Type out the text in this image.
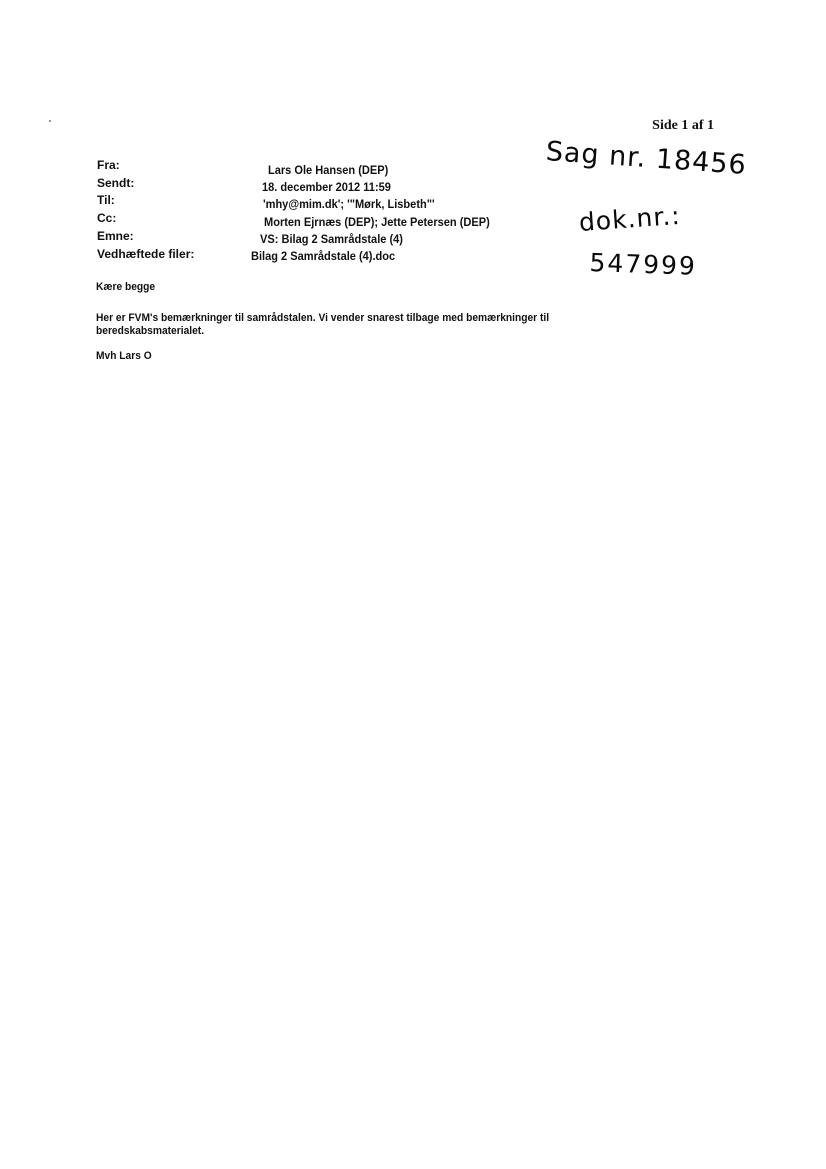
Side 1 af 1
Sag nr. 18456
dok.nr.:
547999
Fra:	Lars Ole Hansen (DEP)
Sendt:	18. december 2012 11:59
Til:	'mhy@mim.dk'; '"Mørk, Lisbeth"'
Cc:	Morten Ejrnæs (DEP); Jette Petersen (DEP)
Emne:	VS: Bilag 2 Samrådstale (4)
Vedhæftede filer:	Bilag 2 Samrådstale (4).doc
Kære begge
Her er FVM's bemærkninger til samrådstalen. Vi vender snarest tilbage med bemærkninger til
beredskabsmaterialet.
Mvh Lars O
